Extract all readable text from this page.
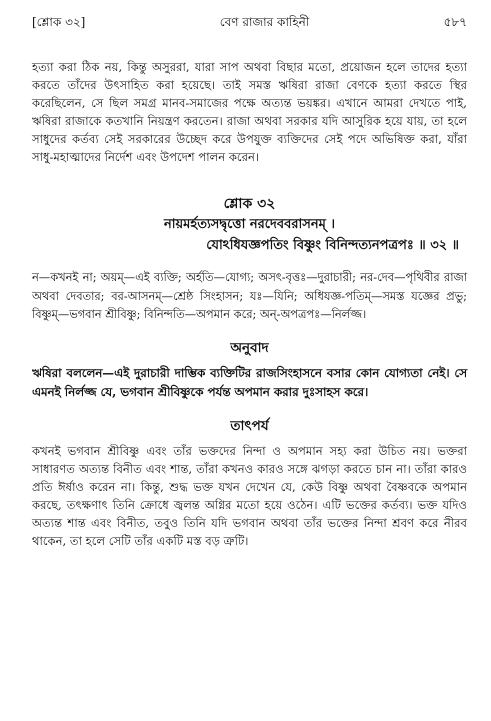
[শ্লোক ৩২]	বেণ রাজার কাহিনী	৫৮৭

হত্যা করা ঠিক নয়, কিন্তু অসুররা, যারা সাপ অথবা বিছার মতো, প্রয়োজন হলে তাদের হত্যা করতে তাঁদের উৎসাহিত করা হয়েছে। তাই সমস্ত ঋষিরা রাজা বেণকে হত্যা করতে স্থির করেছিলেন, সে ছিল সমগ্র মানব-সমাজের পক্ষে অত্যন্ত ভয়ঙ্কর। এখানে আমরা দেখতে পাই, ঋষিরা রাজাকে কতখানি নিয়ন্ত্রণ করতেন। রাজা অথবা সরকার যদি আসুরিক হয়ে যায়, তা হলে সাধুদের কর্তব্য সেই সরকারের উচ্ছেদ করে উপযুক্ত ব্যক্তিদের সেই পদে অভিষিক্ত করা, যাঁরা সাধু-মহাত্মাদের নির্দেশ এবং উপদেশ পালন করেন।

শ্লোক ৩২
নায়মর্হত্যসদ্বৃত্তো নরদেববরাসনম্ ।
যোঽধিযজ্ঞপতিং বিষ্ণুং বিনিন্দত্যনপত্রপঃ ॥ ৩২ ॥

ন—কখনই না; অয়ম্—এই ব্যক্তি; অর্হতি—যোগ্য; অসৎ-বৃত্তঃ—দুরাচারী; নর-দেব—পৃথিবীর রাজা অথবা দেবতার; বর-আসনম্—শ্রেষ্ঠ সিংহাসন; যঃ—যিনি; অধিযজ্ঞ-পতিম্—সমস্ত যজ্ঞের প্রভু; বিষ্ণুম্—ভগবান শ্রীবিষ্ণু; বিনিন্দতি—অপমান করে; অন্-অপত্রপঃ—নির্লজ্জ।

অনুবাদ

ঋষিরা বললেন—এই দুরাচারী দাম্ভিক ব্যক্তিটির রাজসিংহাসনে বসার কোন যোগ্যতা নেই। সে এমনই নির্লজ্জ যে, ভগবান শ্রীবিষ্ণুকে পর্যন্ত অপমান করার দুঃসাহস করে।

তাৎপর্য

কখনই ভগবান শ্রীবিষ্ণু এবং তাঁর ভক্তদের নিন্দা ও অপমান সহ্য করা উচিত নয়। ভক্তরা সাধারণত অত্যন্ত বিনীত এবং শান্ত, তাঁরা কখনও কারও সঙ্গে ঝগড়া করতে চান না। তাঁরা কারও প্রতি ঈর্ষাও করেন না। কিন্তু, শুদ্ধ ভক্ত যখন দেখেন যে, কেউ বিষ্ণু অথবা বৈষ্ণবকে অপমান করছে, তৎক্ষণাৎ তিনি ক্রোধে জ্বলন্ত অগ্নির মতো হয়ে ওঠেন। এটি ভক্তের কর্তব্য। ভক্ত যদিও অত্যন্ত শান্ত এবং বিনীত, তবুও তিনি যদি ভগবান অথবা তাঁর ভক্তের নিন্দা শ্রবণ করে নীরব থাকেন, তা হলে সেটি তাঁর একটি মস্ত বড় ত্রুটি।
